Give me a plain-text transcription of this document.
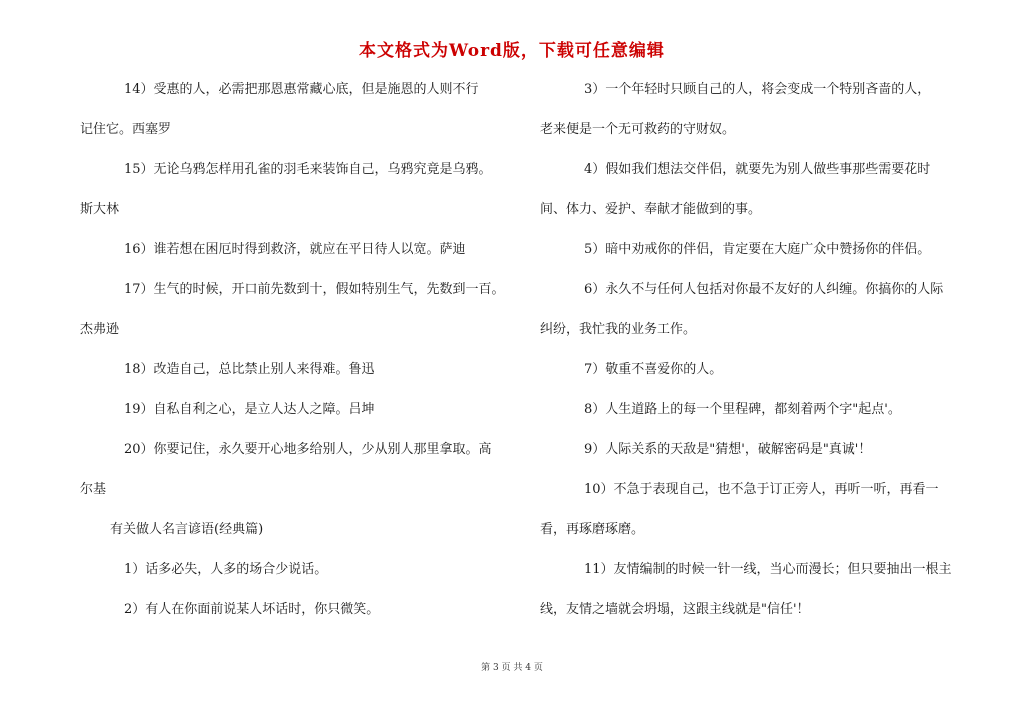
本文格式为Word版，下载可任意编辑
14）受惠的人，必需把那恩惠常藏心底，但是施恩的人则不行
记住它。西塞罗
15）无论乌鸦怎样用孔雀的羽毛来装饰自己，乌鸦究竟是乌鸦。
斯大林
16）谁若想在困厄时得到救济，就应在平日待人以宽。萨迪
17）生气的时候，开口前先数到十，假如特别生气，先数到一百。
杰弗逊
18）改造自己，总比禁止别人来得难。鲁迅
19）自私自利之心，是立人达人之障。吕坤
20）你要记住，永久要开心地多给别人，少从别人那里拿取。高
尔基
有关做人名言谚语(经典篇)
1）话多必失，人多的场合少说话。
2）有人在你面前说某人坏话时，你只微笑。
3）一个年轻时只顾自己的人，将会变成一个特别吝啬的人，
老来便是一个无可救药的守财奴。
4）假如我们想法交伴侣，就要先为别人做些事那些需要花时
间、体力、爱护、奉献才能做到的事。
5）暗中劝戒你的伴侣，肯定要在大庭广众中赞扬你的伴侣。
6）永久不与任何人包括对你最不友好的人纠缠。你搞你的人际
纠纷，我忙我的业务工作。
7）敬重不喜爱你的人。
8）人生道路上的每一个里程碑，都刻着两个字"起点'。
9）人际关系的天敌是"猜想'，破解密码是"真诚'！
10）不急于表现自己，也不急于订正旁人，再听一听，再看一
看，再琢磨琢磨。
11）友情编制的时候一针一线，当心而漫长；但只要抽出一根主
线，友情之墙就会坍塌，这跟主线就是"信任'！
第 3 页 共 4 页
